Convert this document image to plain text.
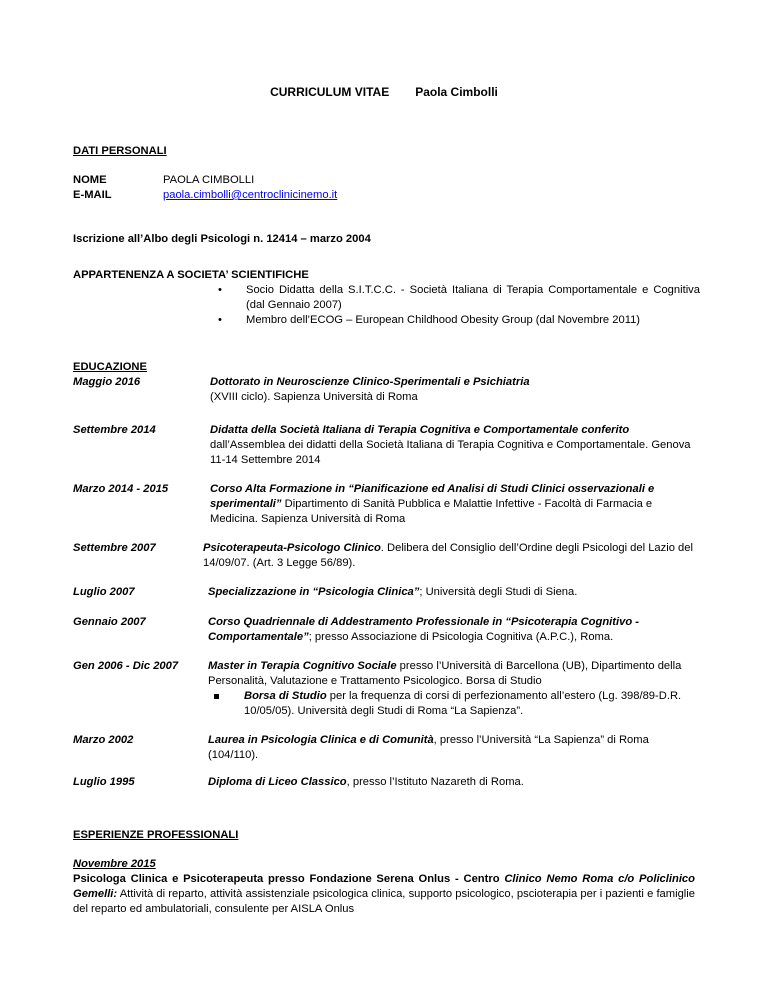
CURRICULUM VITAE Paola Cimbolli
DATI PERSONALI
NOME	PAOLA CIMBOLLI
E-MAIL	paola.cimbolli@centroclinicinemo.it
Iscrizione all’Albo degli Psicologi n. 12414 – marzo 2004
APPARTENENZA A SOCIETA’ SCIENTIFICHE
• Socio Didatta della S.I.T.C.C. - Società Italiana di Terapia Comportamentale e Cognitiva (dal Gennaio 2007)
• Membro dell’ECOG – European Childhood Obesity Group (dal Novembre 2011)
EDUCAZIONE
Maggio 2016	Dottorato in Neuroscienze Clinico-Sperimentali e Psichiatria
(XVIII ciclo). Sapienza Università di Roma
Settembre 2014	Didatta della Società Italiana di Terapia Cognitiva e Comportamentale conferito
dall’Assemblea dei didatti della Società Italiana di Terapia Cognitiva e Comportamentale. Genova 11-14 Settembre 2014
Marzo 2014 - 2015	Corso Alta Formazione in “Pianificazione ed Analisi di Studi Clinici osservazionali e sperimentali” Dipartimento di Sanità Pubblica e Malattie Infettive - Facoltà di Farmacia e Medicina. Sapienza Università di Roma
Settembre 2007	Psicoterapeuta-Psicologo Clinico. Delibera del Consiglio dell’Ordine degli Psicologi del Lazio del 14/09/07. (Art. 3 Legge 56/89).
Luglio 2007	Specializzazione in “Psicologia Clinica”; Università degli Studi di Siena.
Gennaio 2007	Corso Quadriennale di Addestramento Professionale in “Psicoterapia Cognitivo - Comportamentale”; presso Associazione di Psicologia Cognitiva (A.P.C.), Roma.
Gen 2006 - Dic 2007	Master in Terapia Cognitivo Sociale presso l’Università di Barcellona (UB), Dipartimento della Personalità, Valutazione e Trattamento Psicologico. Borsa di Studio
Borsa di Studio per la frequenza di corsi di perfezionamento all’estero (Lg. 398/89-D.R. 10/05/05). Università degli Studi di Roma “La Sapienza”.
Marzo 2002	Laurea in Psicologia Clinica e di Comunità, presso l’Università “La Sapienza” di Roma (104/110).
Luglio 1995	Diploma di Liceo Classico, presso l’Istituto Nazareth di Roma.
ESPERIENZE PROFESSIONALI
Novembre 2015
Psicologa Clinica e Psicoterapeuta presso Fondazione Serena Onlus - Centro Clinico Nemo Roma c/o Policlinico Gemelli: Attività di reparto, attività assistenziale psicologica clinica, supporto psicologico, pscioterapia per i pazienti e famiglie del reparto ed ambulatoriali, consulente per AISLA Onlus
